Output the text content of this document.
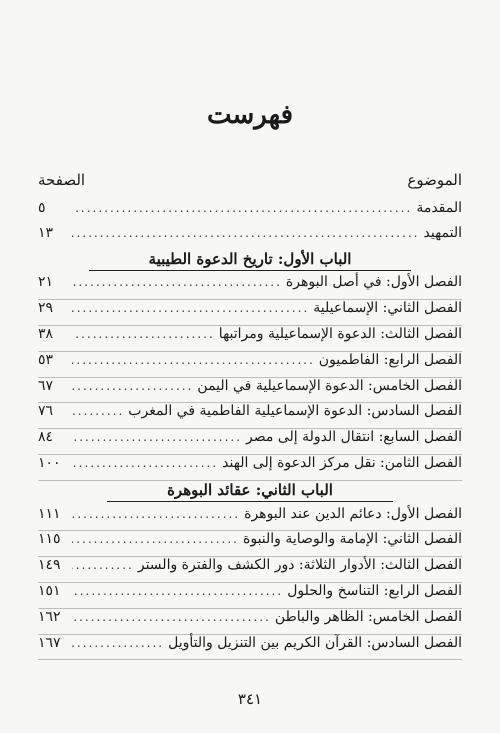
فهرست
الموضوع
الصفحة
المقدمة
.....
٥
التمهيد
.....
١٣
الباب الأول: تاريخ الدعوة الطيبية
الفصل الأول: في أصل البوهرة
.....
٢١
الفصل الثاني: الإسماعيلية
.....
٢٩
الفصل الثالث: الدعوة الإسماعيلية ومراتبها
.....
٣٨
الفصل الرابع: الفاطميون
.....
٥٣
الفصل الخامس: الدعوة الإسماعيلية في اليمن
.....
٦٧
الفصل السادس: الدعوة الإسماعيلية الفاطمية في المغرب
.....
٧٦
الفصل السابع: انتقال الدولة إلى مصر
.....
٨٤
الفصل الثامن: نقل مركز الدعوة إلى الهند
.....
١٠٠
الباب الثاني: عقائد البوهرة
الفصل الأول: دعائم الدين عند البوهرة
.....
١١١
الفصل الثاني: الإمامة والوصاية والنبوة
.....
١١٥
الفصل الثالث: الأدوار الثلاثة: دور الكشف والفترة والستر
.....
١٤٩
الفصل الرابع: التناسخ والحلول
.....
١٥١
الفصل الخامس: الظاهر والباطن
.....
١٦٢
الفصل السادس: القرآن الكريم بين التنزيل والتأويل
.....
١٦٧
٣٤١
